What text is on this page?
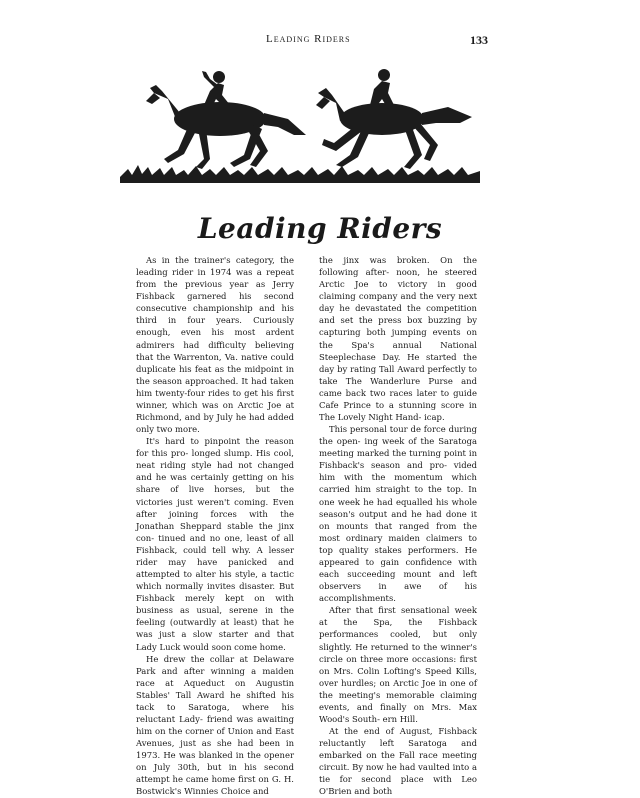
Leading Riders	133
Leading Riders

As in the trainer's category, the leading rider in 1974 was a repeat from the previous year as Jerry Fishback garnered his second consecutive championship and his third in four years. Curiously enough, even his most ardent admirers had difficulty believing that the Warrenton, Va. native could duplicate his feat as the midpoint in the season approached. It had taken him twenty-four rides to get his first winner, which was on Arctic Joe at Richmond, and by July he had added only two more.

It's hard to pinpoint the reason for this pro- longed slump. His cool, neat riding style had not changed and he was certainly getting on his share of live horses, but the victories just weren't coming. Even after joining forces with the Jonathan Sheppard stable the jinx con- tinued and no one, least of all Fishback, could tell why. A lesser rider may have panicked and attempted to alter his style, a tactic which normally invites disaster. But Fishback merely kept on with business as usual, serene in the feeling (outwardly at least) that he was just a slow starter and that Lady Luck would soon come home.

He drew the collar at Delaware Park and after winning a maiden race at Aqueduct on Augustin Stables' Tall Award he shifted his tack to Saratoga, where his reluctant Lady- friend was awaiting him on the corner of Union and East Avenues, just as she had been in 1973. He was blanked in the opener on July 30th, but in his second attempt he came home first on G. H. Bostwick's Winnies Choice and

the jinx was broken. On the following after- noon, he steered Arctic Joe to victory in good claiming company and the very next day he devastated the competition and set the press box buzzing by capturing both jumping events on the Spa's annual National Steeplechase Day. He started the day by rating Tall Award perfectly to take The Wanderlure Purse and came back two races later to guide Cafe Prince to a stunning score in The Lovely Night Hand- icap.

This personal tour de force during the open- ing week of the Saratoga meeting marked the turning point in Fishback's season and pro- vided him with the momentum which carried him straight to the top. In one week he had equalled his whole season's output and he had done it on mounts that ranged from the most ordinary maiden claimers to top quality stakes performers. He appeared to gain confidence with each succeeding mount and left observers in awe of his accomplishments.

After that first sensational week at the Spa, the Fishback performances cooled, but only slightly. He returned to the winner's circle on three more occasions: first on Mrs. Colin Lofting's Speed Kills, over hurdles; on Arctic Joe in one of the meeting's memorable claiming events, and finally on Mrs. Max Wood's South- ern Hill.

At the end of August, Fishback reluctantly left Saratoga and embarked on the Fall race meeting circuit. By now he had vaulted into a tie for second place with Leo O'Brien and both
